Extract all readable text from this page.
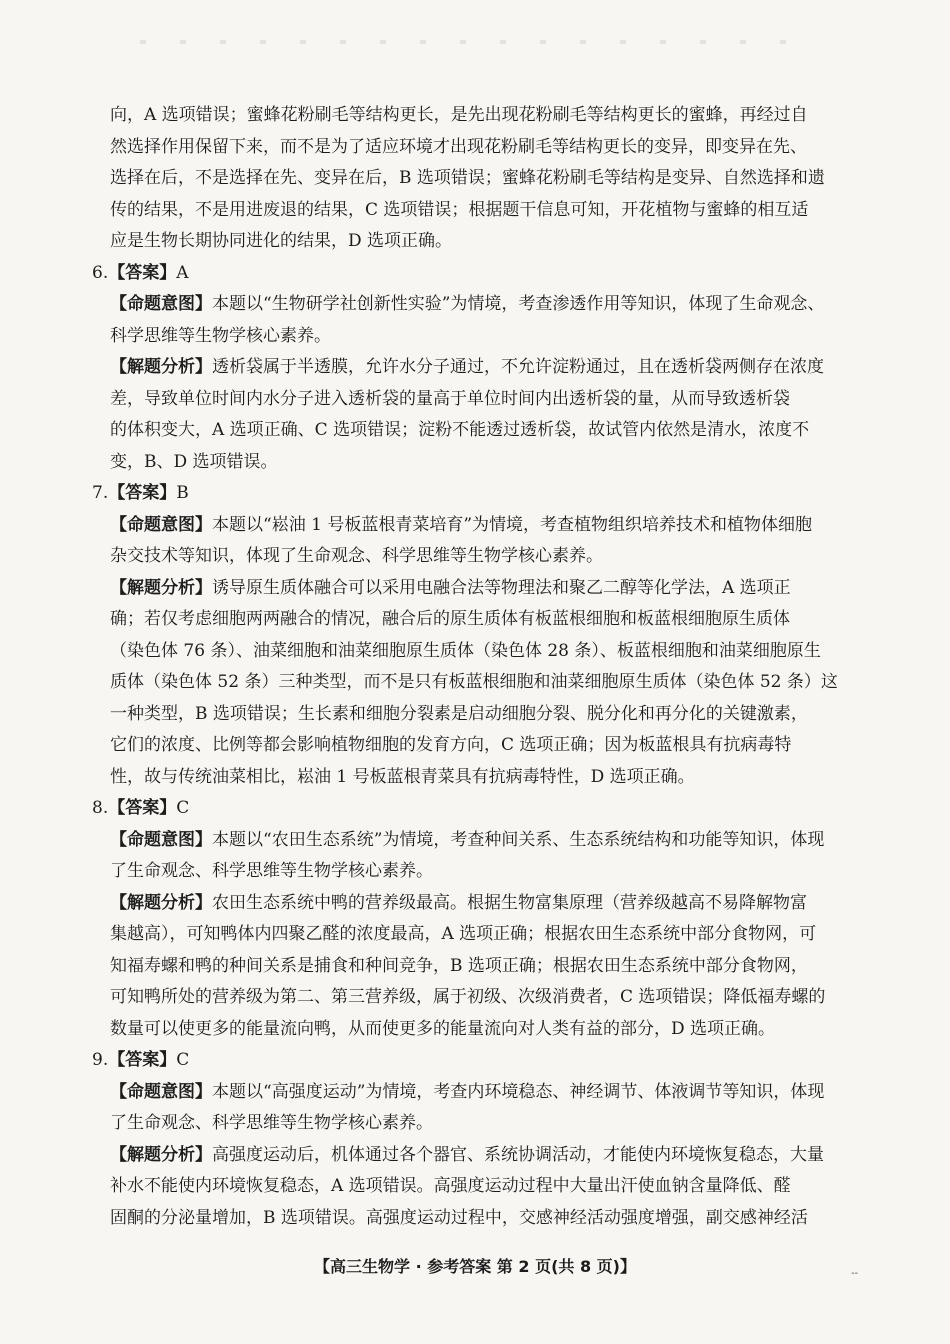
向，A 选项错误；蜜蜂花粉刷毛等结构更长，是先出现花粉刷毛等结构更长的蜜蜂，再经过自
然选择作用保留下来，而不是为了适应环境才出现花粉刷毛等结构更长的变异，即变异在先、
选择在后，不是选择在先、变异在后，B 选项错误；蜜蜂花粉刷毛等结构是变异、自然选择和遗
传的结果，不是用进废退的结果，C 选项错误；根据题干信息可知，开花植物与蜜蜂的相互适
应是生物长期协同进化的结果，D 选项正确。
6.【答案】A
【命题意图】本题以“生物研学社创新性实验”为情境，考查渗透作用等知识，体现了生命观念、
科学思维等生物学核心素养。
【解题分析】透析袋属于半透膜，允许水分子通过，不允许淀粉通过，且在透析袋两侧存在浓度
差，导致单位时间内水分子进入透析袋的量高于单位时间内出透析袋的量，从而导致透析袋
的体积变大，A 选项正确、C 选项错误；淀粉不能透过透析袋，故试管内依然是清水，浓度不
变，B、D 选项错误。
7.【答案】B
【命题意图】本题以“崧油 1 号板蓝根青菜培育”为情境，考查植物组织培养技术和植物体细胞
杂交技术等知识，体现了生命观念、科学思维等生物学核心素养。
【解题分析】诱导原生质体融合可以采用电融合法等物理法和聚乙二醇等化学法，A 选项正
确；若仅考虑细胞两两融合的情况，融合后的原生质体有板蓝根细胞和板蓝根细胞原生质体
（染色体 76 条）、油菜细胞和油菜细胞原生质体（染色体 28 条）、板蓝根细胞和油菜细胞原生
质体（染色体 52 条）三种类型，而不是只有板蓝根细胞和油菜细胞原生质体（染色体 52 条）这
一种类型，B 选项错误；生长素和细胞分裂素是启动细胞分裂、脱分化和再分化的关键激素，
它们的浓度、比例等都会影响植物细胞的发育方向，C 选项正确；因为板蓝根具有抗病毒特
性，故与传统油菜相比，崧油 1 号板蓝根青菜具有抗病毒特性，D 选项正确。
8.【答案】C
【命题意图】本题以“农田生态系统”为情境，考查种间关系、生态系统结构和功能等知识，体现
了生命观念、科学思维等生物学核心素养。
【解题分析】农田生态系统中鸭的营养级最高。根据生物富集原理（营养级越高不易降解物富
集越高），可知鸭体内四聚乙醛的浓度最高，A 选项正确；根据农田生态系统中部分食物网，可
知福寿螺和鸭的种间关系是捕食和种间竞争，B 选项正确；根据农田生态系统中部分食物网，
可知鸭所处的营养级为第二、第三营养级，属于初级、次级消费者，C 选项错误；降低福寿螺的
数量可以使更多的能量流向鸭，从而使更多的能量流向对人类有益的部分，D 选项正确。
9.【答案】C
【命题意图】本题以“高强度运动”为情境，考查内环境稳态、神经调节、体液调节等知识，体现
了生命观念、科学思维等生物学核心素养。
【解题分析】高强度运动后，机体通过各个器官、系统协调活动，才能使内环境恢复稳态，大量
补水不能使内环境恢复稳态，A 选项错误。高强度运动过程中大量出汗使血钠含量降低、醛
固酮的分泌量增加，B 选项错误。高强度运动过程中，交感神经活动强度增强，副交感神经活
【高三生物学 · 参考答案 第 2 页(共 8 页)】	--
